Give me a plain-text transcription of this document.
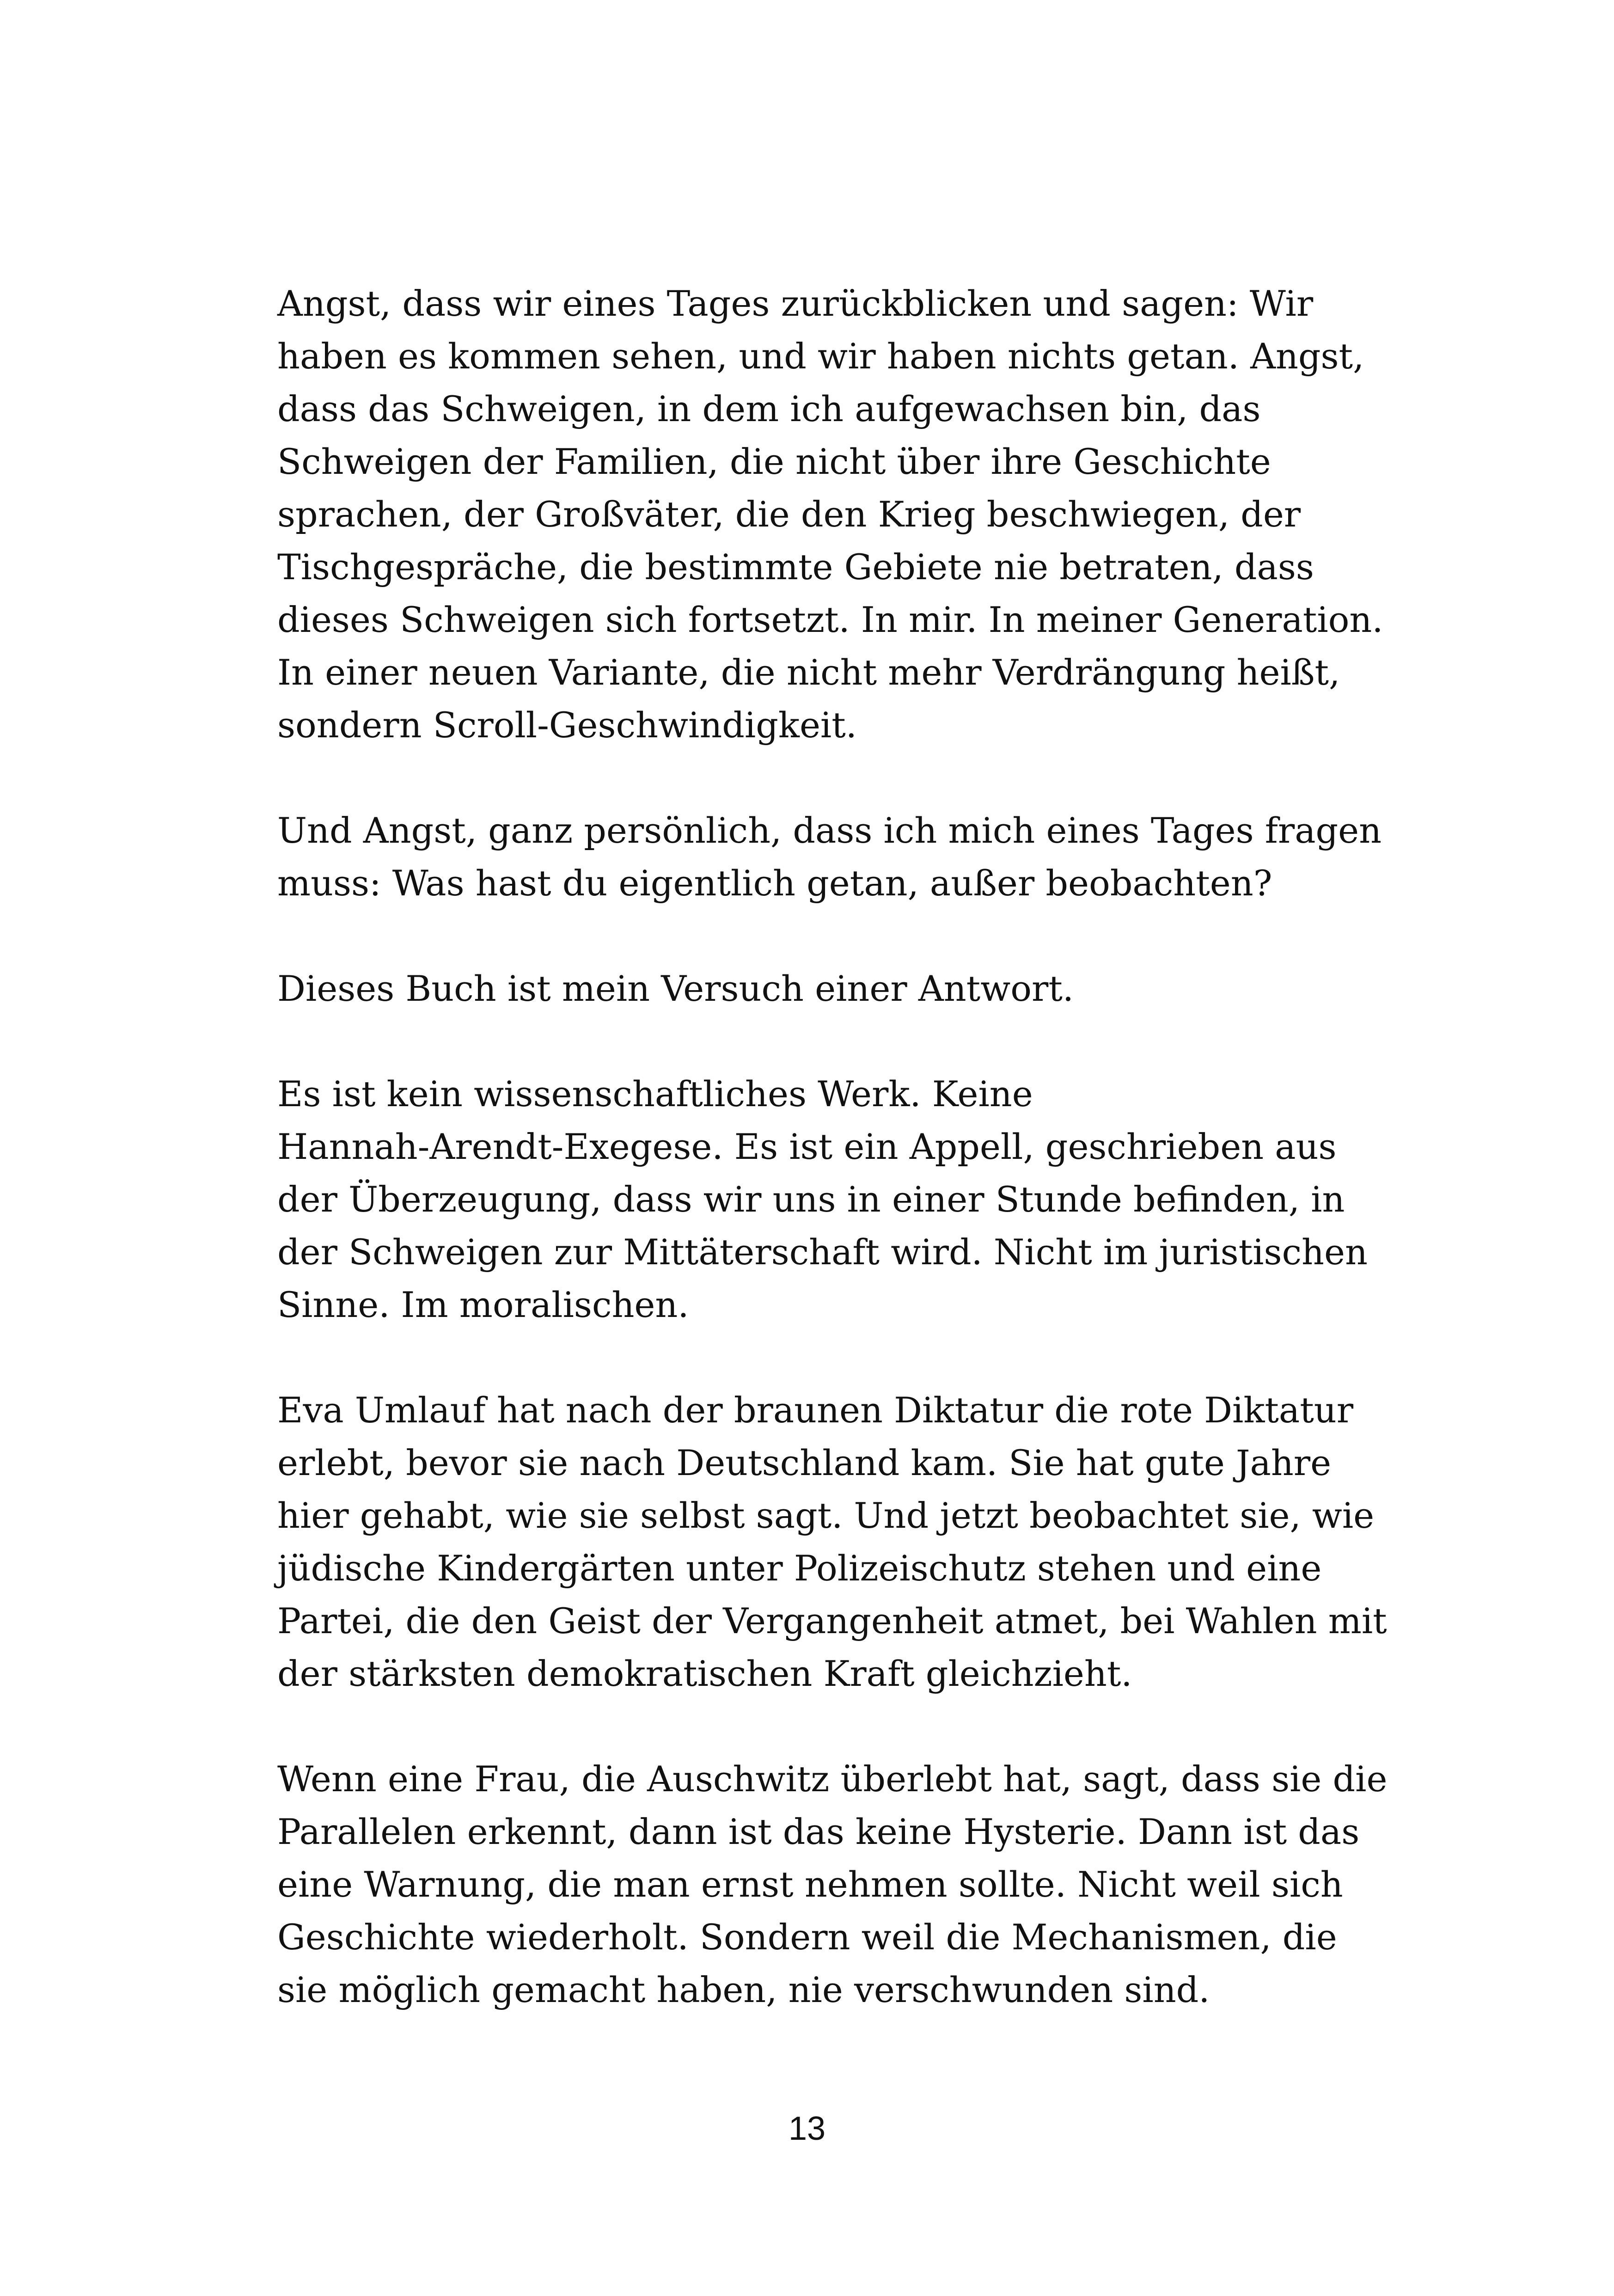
Angst, dass wir eines Tages zurückblicken und sagen: Wir
haben es kommen sehen, und wir haben nichts getan. Angst,
dass das Schweigen, in dem ich aufgewachsen bin, das
Schweigen der Familien, die nicht über ihre Geschichte
sprachen, der Großväter, die den Krieg beschwiegen, der
Tischgespräche, die bestimmte Gebiete nie betraten, dass
dieses Schweigen sich fortsetzt. In mir. In meiner Generation.
In einer neuen Variante, die nicht mehr Verdrängung heißt,
sondern Scroll-Geschwindigkeit.

Und Angst, ganz persönlich, dass ich mich eines Tages fragen
muss: Was hast du eigentlich getan, außer beobachten?

Dieses Buch ist mein Versuch einer Antwort.

Es ist kein wissenschaftliches Werk. Keine
Hannah-Arendt-Exegese. Es ist ein Appell, geschrieben aus
der Überzeugung, dass wir uns in einer Stunde befinden, in
der Schweigen zur Mittäterschaft wird. Nicht im juristischen
Sinne. Im moralischen.

Eva Umlauf hat nach der braunen Diktatur die rote Diktatur
erlebt, bevor sie nach Deutschland kam. Sie hat gute Jahre
hier gehabt, wie sie selbst sagt. Und jetzt beobachtet sie, wie
jüdische Kindergärten unter Polizeischutz stehen und eine
Partei, die den Geist der Vergangenheit atmet, bei Wahlen mit
der stärksten demokratischen Kraft gleichzieht.

Wenn eine Frau, die Auschwitz überlebt hat, sagt, dass sie die
Parallelen erkennt, dann ist das keine Hysterie. Dann ist das
eine Warnung, die man ernst nehmen sollte. Nicht weil sich
Geschichte wiederholt. Sondern weil die Mechanismen, die
sie möglich gemacht haben, nie verschwunden sind.

13
